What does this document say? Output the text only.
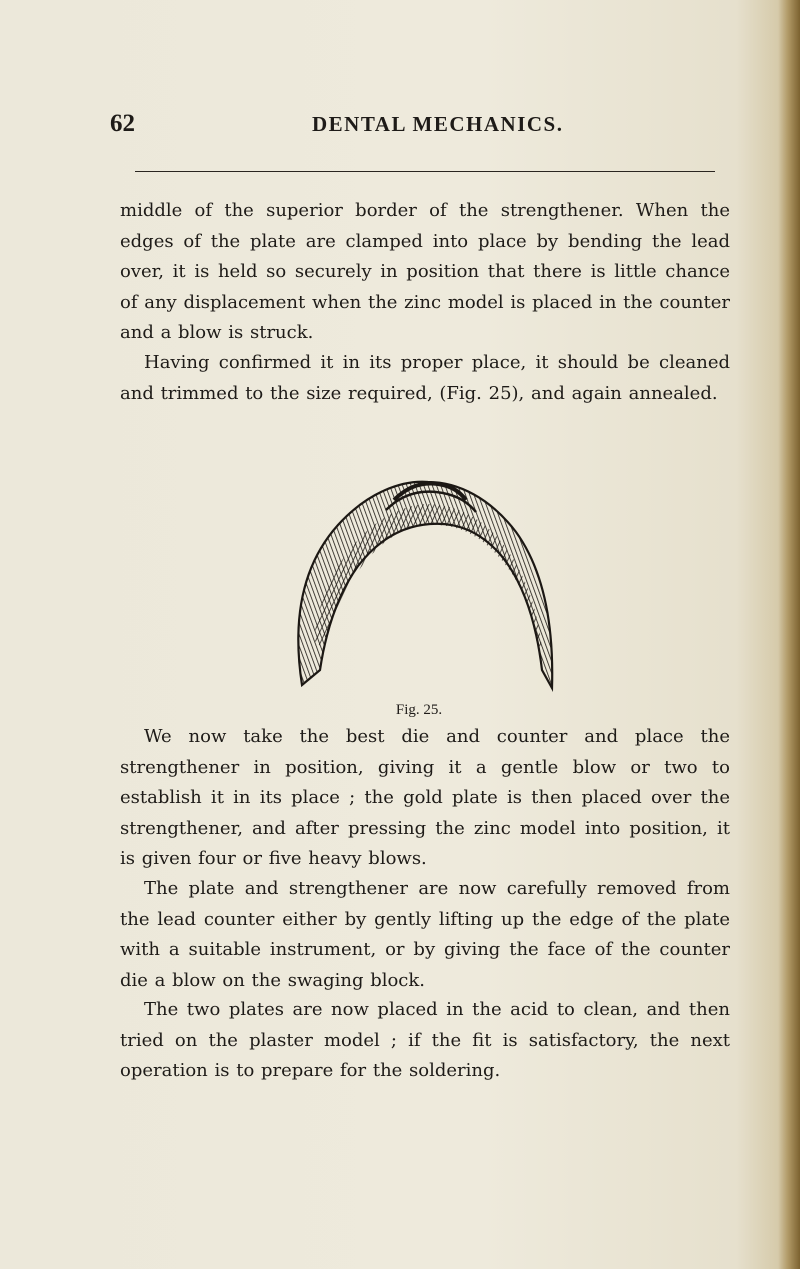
62	DENTAL MECHANICS.

middle of the superior border of the strengthener. When the edges of the plate are clamped into place by bending the lead over, it is held so securely in position that there is little chance of any displacement when the zinc model is placed in the counter and a blow is struck.

Having confirmed it in its proper place, it should be cleaned and trimmed to the size required, (Fig. 25), and again annealed.

Fig. 25.

We now take the best die and counter and place the strengthener in position, giving it a gentle blow or two to establish it in its place ; the gold plate is then placed over the strengthener, and after pressing the zinc model into position, it is given four or five heavy blows.

The plate and strengthener are now carefully removed from the lead counter either by gently lifting up the edge of the plate with a suitable instrument, or by giving the face of the counter die a blow on the swaging block.

The two plates are now placed in the acid to clean, and then tried on the plaster model ; if the fit is satisfactory, the next operation is to prepare for the soldering.
